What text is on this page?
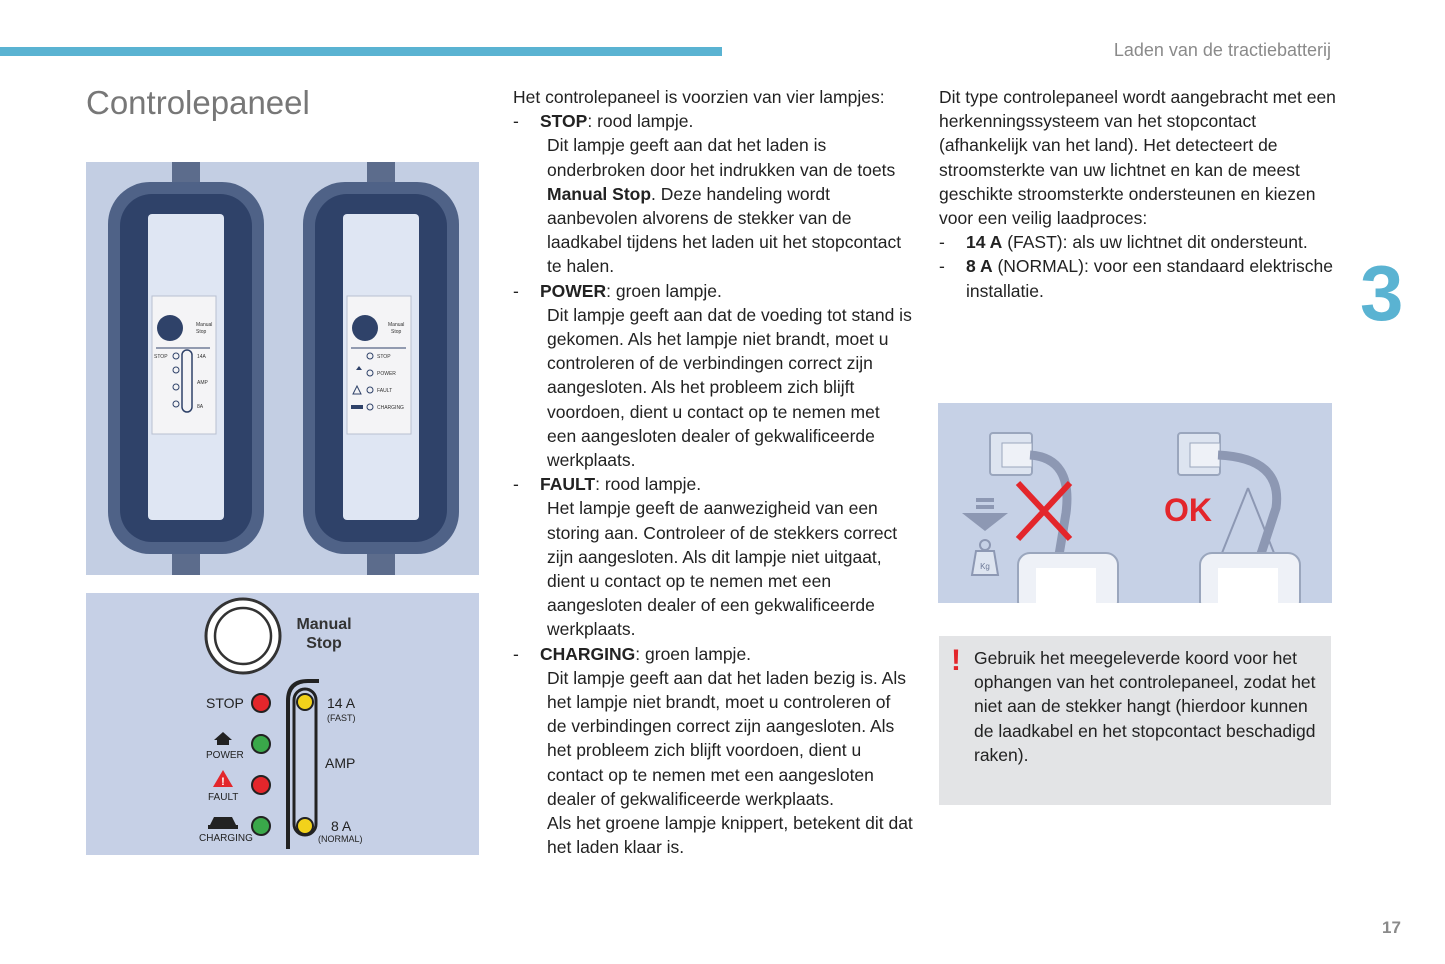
Laden van de tractiebatterij
3
17
Controlepaneel
Manual
Stop
STOP	14A
AMP
8A
Manual
Stop
STOP
POWER
FAULT
CHARGING
Manual
Stop
STOP
POWER
!
FAULT
CHARGING
14 A
(FAST)
AMP
8 A
(NORMAL)

Het controlepaneel is voorzien van vier lampjes:

- STOP: rood lampje.

Dit lampje geeft aan dat het laden is onderbroken door het indrukken van de toets Manual Stop. Deze handeling wordt aanbevolen alvorens de stekker van de laadkabel tijdens het laden uit het stopcontact te halen.

- POWER: groen lampje.

Dit lampje geeft aan dat de voeding tot stand is gekomen. Als het lampje niet brandt, moet u controleren of de verbindingen correct zijn aangesloten. Als het probleem zich blijft voordoen, dient u contact op te nemen met een aangesloten dealer of gekwalificeerde werkplaats.

- FAULT: rood lampje.

Het lampje geeft de aanwezigheid van een storing aan. Controleer of de stekkers correct zijn aangesloten. Als dit lampje niet uitgaat, dient u contact op te nemen met een aangesloten dealer of een gekwalificeerde werkplaats.

- CHARGING: groen lampje.

Dit lampje geeft aan dat het laden bezig is. Als het lampje niet brandt, moet u controleren of de verbindingen correct zijn aangesloten. Als het probleem zich blijft voordoen, dient u contact op te nemen met een aangesloten dealer of gekwalificeerde werkplaats.

Als het groene lampje knippert, betekent dit dat het laden klaar is.

Dit type controlepaneel wordt aangebracht met een herkenningssysteem van het stopcontact (afhankelijk van het land). Het detecteert de stroomsterkte van uw lichtnet en kan de meest geschikte stroomsterkte ondersteunen en kiezen voor een veilig laadproces:

- 14 A (FAST): als uw lichtnet dit ondersteunt.
- 8 A (NORMAL): voor een standaard elektrische installatie.
Kg
OK
! Gebruik het meegeleverde koord voor het ophangen van het controlepaneel, zodat het niet aan de stekker hangt (hierdoor kunnen de laadkabel en het stopcontact beschadigd raken).
